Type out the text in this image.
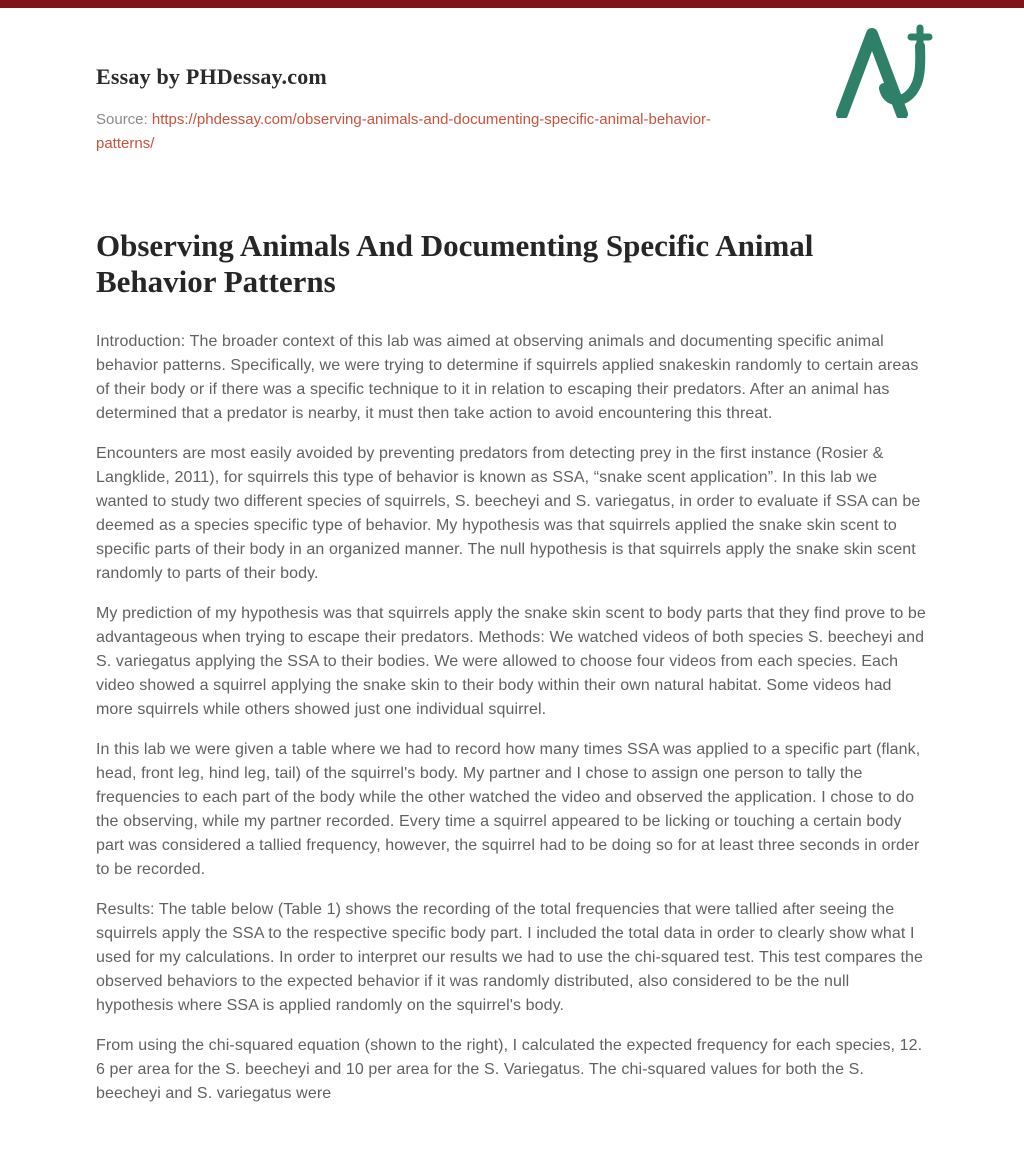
Essay by PHDessay.com

Source: https://phdessay.com/observing-animals-and-documenting-specific-animal-behavior-patterns/

Observing Animals And Documenting Specific Animal Behavior Patterns

Introduction: The broader context of this lab was aimed at observing animals and documenting specific animal behavior patterns. Specifically, we were trying to determine if squirrels applied snakeskin randomly to certain areas of their body or if there was a specific technique to it in relation to escaping their predators. After an animal has determined that a predator is nearby, it must then take action to avoid encountering this threat.

Encounters are most easily avoided by preventing predators from detecting prey in the first instance (Rosier & Langklide, 2011), for squirrels this type of behavior is known as SSA, “snake scent application”. In this lab we wanted to study two different species of squirrels, S. beecheyi and S. variegatus, in order to evaluate if SSA can be deemed as a species specific type of behavior. My hypothesis was that squirrels applied the snake skin scent to specific parts of their body in an organized manner. The null hypothesis is that squirrels apply the snake skin scent randomly to parts of their body.

My prediction of my hypothesis was that squirrels apply the snake skin scent to body parts that they find prove to be advantageous when trying to escape their predators. Methods: We watched videos of both species S. beecheyi and S. variegatus applying the SSA to their bodies. We were allowed to choose four videos from each species. Each video showed a squirrel applying the snake skin to their body within their own natural habitat. Some videos had more squirrels while others showed just one individual squirrel.

In this lab we were given a table where we had to record how many times SSA was applied to a specific part (flank, head, front leg, hind leg, tail) of the squirrel's body. My partner and I chose to assign one person to tally the frequencies to each part of the body while the other watched the video and observed the application. I chose to do the observing, while my partner recorded. Every time a squirrel appeared to be licking or touching a certain body part was considered a tallied frequency, however, the squirrel had to be doing so for at least three seconds in order to be recorded.

Results: The table below (Table 1) shows the recording of the total frequencies that were tallied after seeing the squirrels apply the SSA to the respective specific body part. I included the total data in order to clearly show what I used for my calculations. In order to interpret our results we had to use the chi-squared test. This test compares the observed behaviors to the expected behavior if it was randomly distributed, also considered to be the null hypothesis where SSA is applied randomly on the squirrel's body.

From using the chi-squared equation (shown to the right), I calculated the expected frequency for each species, 12. 6 per area for the S. beecheyi and 10 per area for the S. Variegatus. The chi-squared values for both the S. beecheyi and S. variegatus were
